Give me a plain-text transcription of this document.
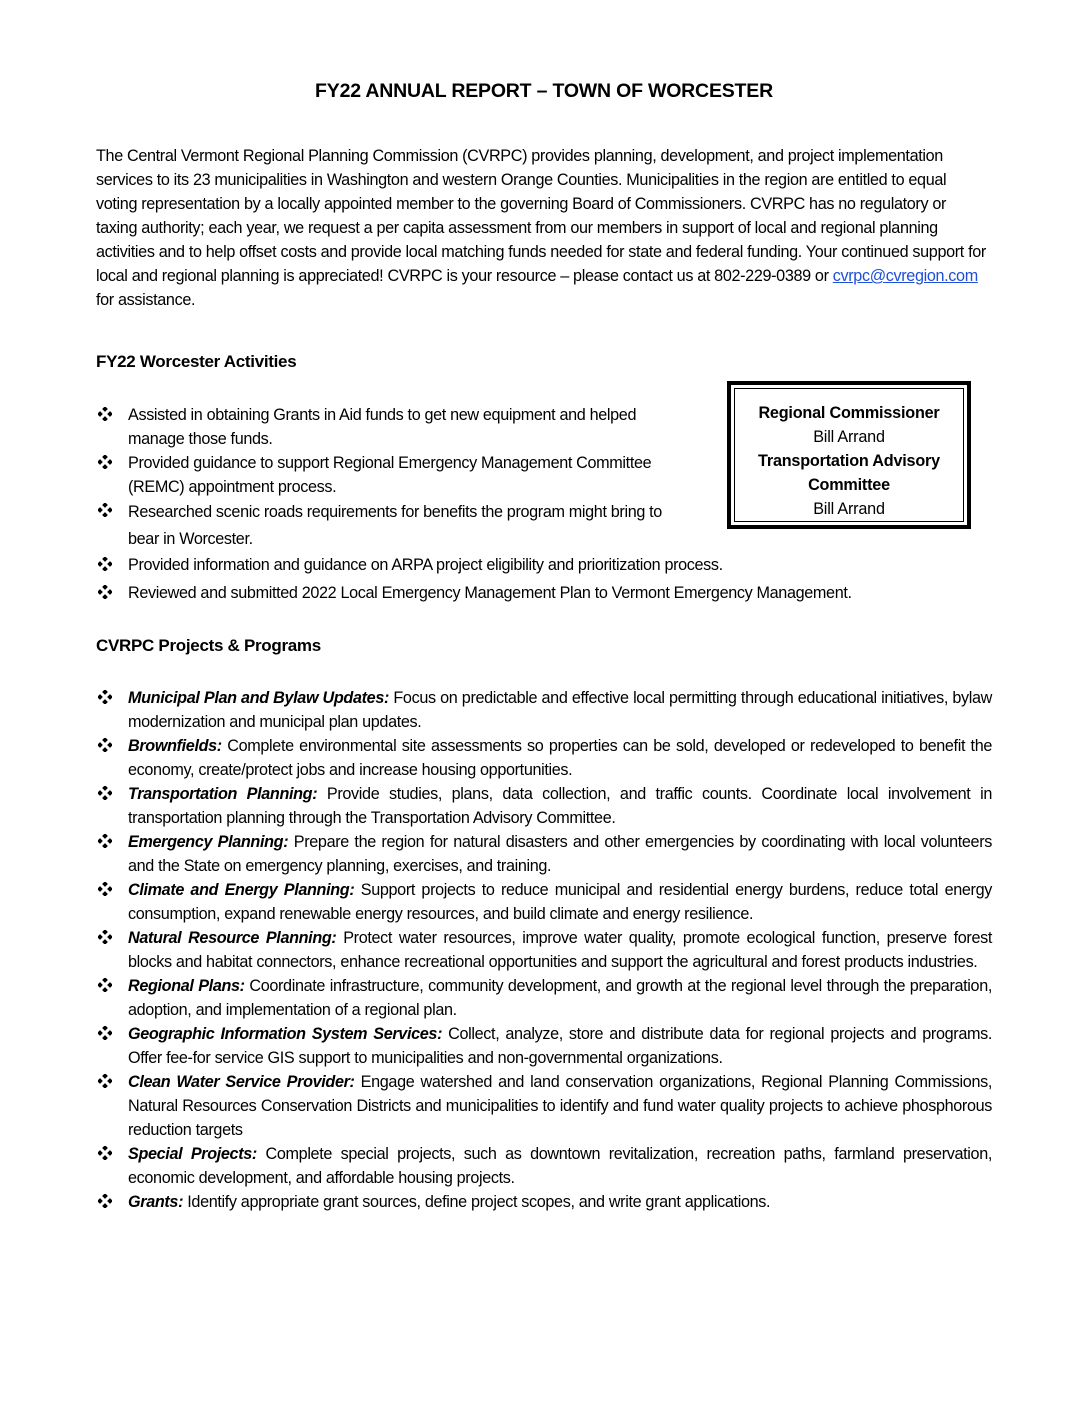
FY22 ANNUAL REPORT – TOWN OF WORCESTER

The Central Vermont Regional Planning Commission (CVRPC) provides planning, development, and project implementation services to its 23 municipalities in Washington and western Orange Counties. Municipalities in the region are entitled to equal voting representation by a locally appointed member to the governing Board of Commissioners. CVRPC has no regulatory or taxing authority; each year, we request a per capita assessment from our members in support of local and regional planning activities and to help offset costs and provide local matching funds needed for state and federal funding. Your continued support for local and regional planning is appreciated! CVRPC is your resource – please contact us at 802-229-0389 or cvrpc@cvregion.com for assistance.

FY22 Worcester Activities
Assisted in obtaining Grants in Aid funds to get new equipment and helped manage those funds.
Provided guidance to support Regional Emergency Management Committee (REMC) appointment process.
Researched scenic roads requirements for benefits the program might bring to bear in Worcester.
Provided information and guidance on ARPA project eligibility and prioritization process.
Reviewed and submitted 2022 Local Emergency Management Plan to Vermont Emergency Management.
Regional Commissioner
Bill Arrand
Transportation Advisory Committee
Bill Arrand
CVRPC Projects & Programs
Municipal Plan and Bylaw Updates: Focus on predictable and effective local permitting through educational initiatives, bylaw modernization and municipal plan updates.
Brownfields: Complete environmental site assessments so properties can be sold, developed or redeveloped to benefit the economy, create/protect jobs and increase housing opportunities.
Transportation Planning: Provide studies, plans, data collection, and traffic counts. Coordinate local involvement in transportation planning through the Transportation Advisory Committee.
Emergency Planning: Prepare the region for natural disasters and other emergencies by coordinating with local volunteers and the State on emergency planning, exercises, and training.
Climate and Energy Planning: Support projects to reduce municipal and residential energy burdens, reduce total energy consumption, expand renewable energy resources, and build climate and energy resilience.
Natural Resource Planning: Protect water resources, improve water quality, promote ecological function, preserve forest blocks and habitat connectors, enhance recreational opportunities and support the agricultural and forest products industries.
Regional Plans: Coordinate infrastructure, community development, and growth at the regional level through the preparation, adoption, and implementation of a regional plan.
Geographic Information System Services: Collect, analyze, store and distribute data for regional projects and programs. Offer fee-for service GIS support to municipalities and non-governmental organizations.
Clean Water Service Provider: Engage watershed and land conservation organizations, Regional Planning Commissions, Natural Resources Conservation Districts and municipalities to identify and fund water quality projects to achieve phosphorous reduction targets
Special Projects: Complete special projects, such as downtown revitalization, recreation paths, farmland preservation, economic development, and affordable housing projects.
Grants: Identify appropriate grant sources, define project scopes, and write grant applications.
